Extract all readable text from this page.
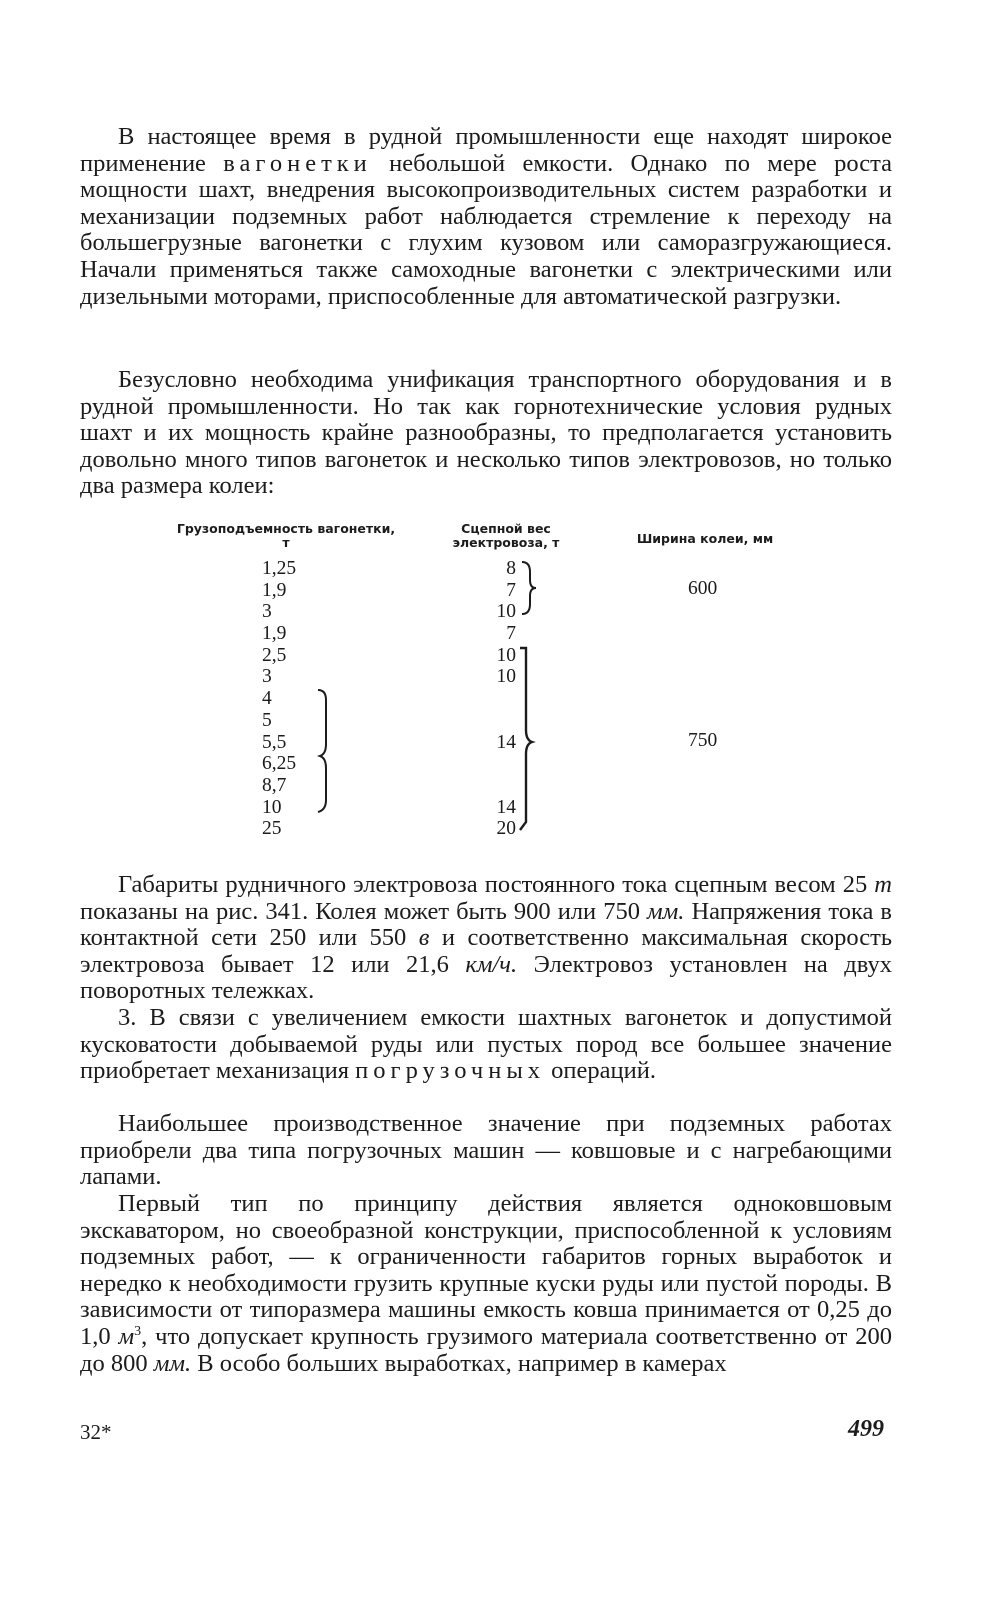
В настоящее время в рудной промышленности еще находят широкое применение вагонетки небольшой емкости. Однако по мере роста мощности шахт, внедрения высокопроизводительных систем разработки и механизации подземных работ наблюдается стремление к переходу на большегрузные вагонетки с глухим кузовом или саморазгружающиеся. Начали применяться также самоходные вагонетки с электрическими или дизельными моторами, приспособленные для автоматической разгрузки.

Безусловно необходима унификация транспортного оборудования и в рудной промышленности. Но так как горнотехнические условия рудных шахт и их мощность крайне разнообразны, то предполагается установить довольно много типов вагонеток и несколько типов электровозов, но только два размера колеи:

Грузоподъемность вагонетки, т
Сцепной вес электровоза, т	Ширина колеи, мм
1,25
1,9
3
1,9
2,5
3
4
5
5,5
6,25
8,7
10
25
8
7
10
7
10
10
14
14
20
600
750

Габариты рудничного электровоза постоянного тока сцепным весом 25 т показаны на рис. 341. Колея может быть 900 или 750 мм. Напряжения тока в контактной сети 250 или 550 в и соответственно максимальная скорость электровоза бывает 12 или 21,6 км/ч. Электровоз установлен на двух поворотных тележках.

3. В связи с увеличением емкости шахтных вагонеток и допустимой кусковатости добываемой руды или пустых пород все большее значение приобретает механизация погрузочных операций.

Наибольшее производственное значение при подземных работах приобрели два типа погрузочных машин — ковшовые и с нагребающими лапами.

Первый тип по принципу действия является одноковшовым экскаватором, но своеобразной конструкции, приспособленной к условиям подземных работ, — к ограниченности габаритов горных выработок и нередко к необходимости грузить крупные куски руды или пустой породы. В зависимости от типоразмера машины емкость ковша принимается от 0,25 до 1,0 $м^3$, что допускает крупность грузимого материала соответственно от 200 до 800 мм. В особо больших выработках, например в камерах

32*	499
